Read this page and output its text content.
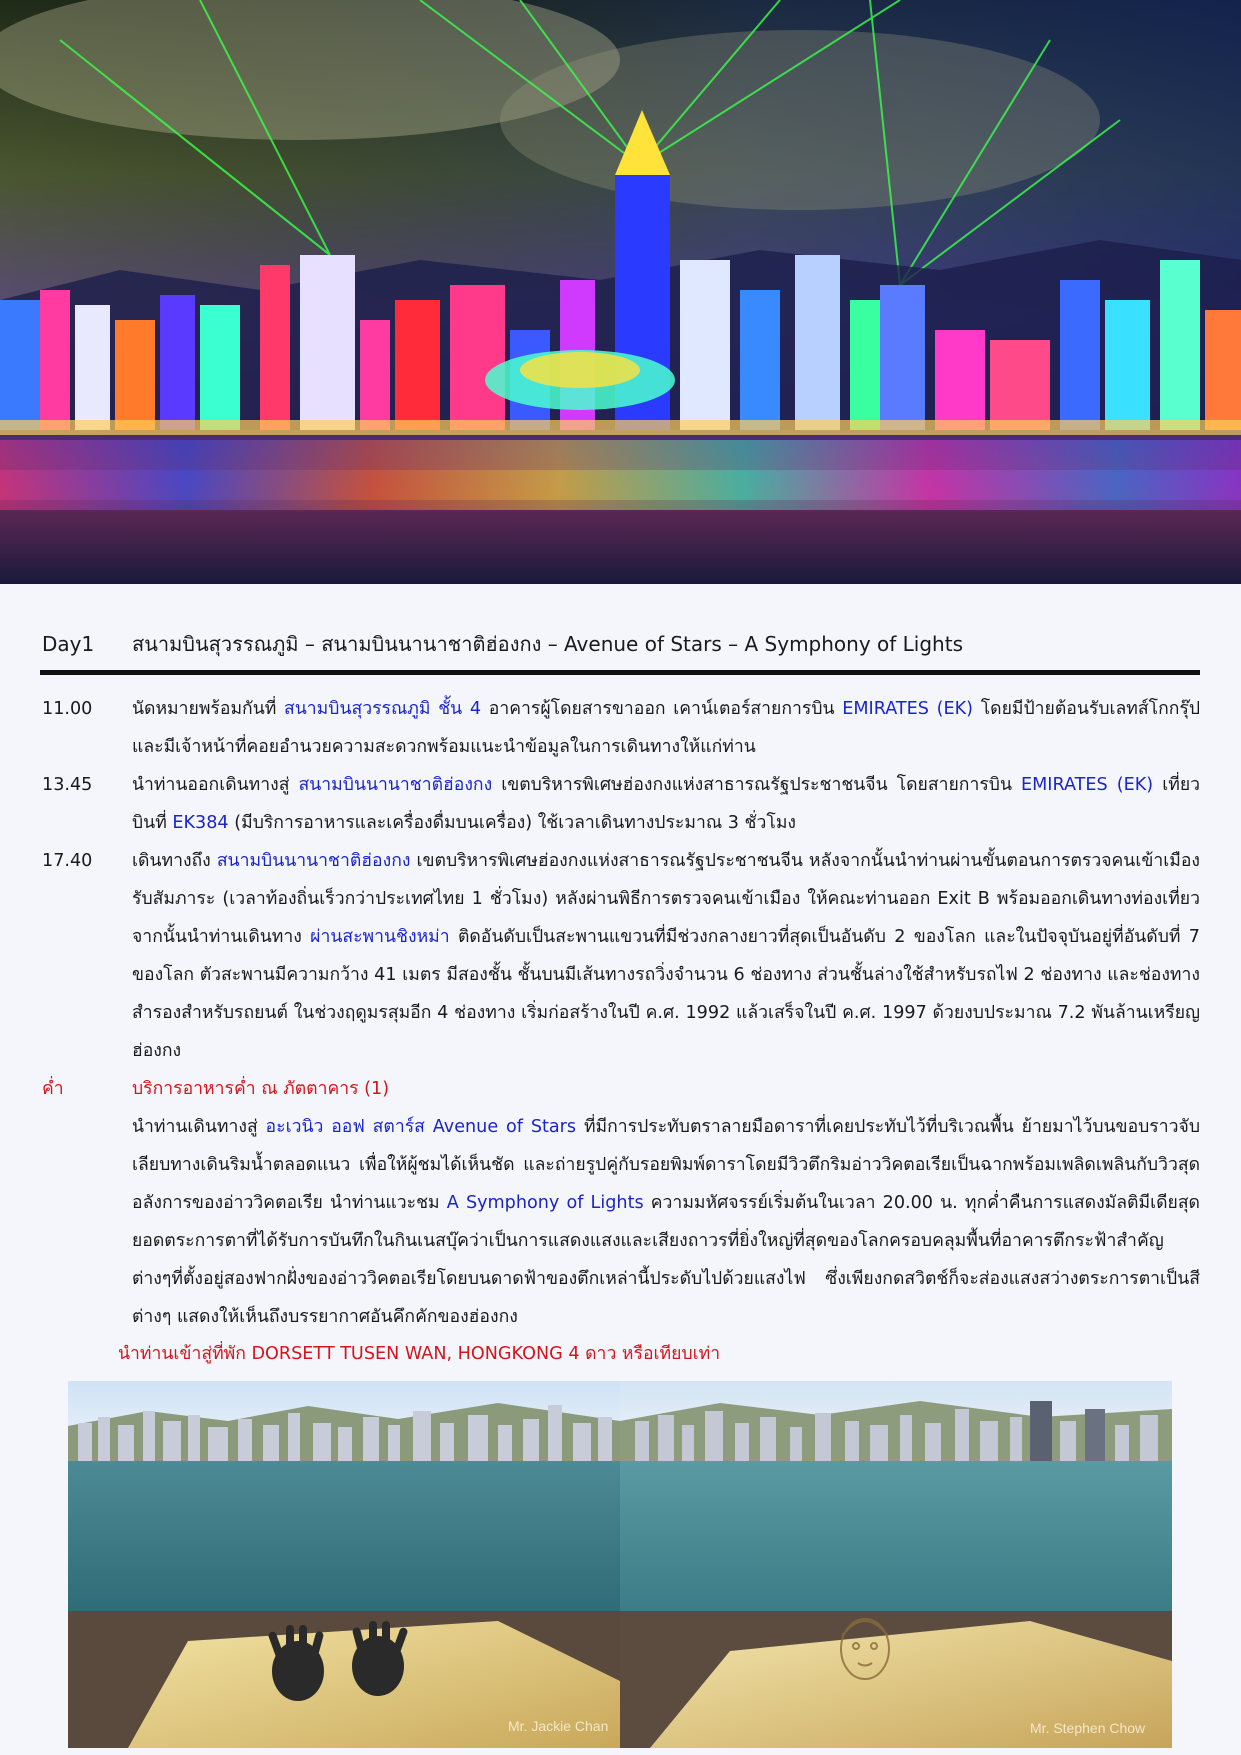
Day1	สนามบินสุวรรณภูมิ – สนามบินนานาชาติฮ่องกง – Avenue of Stars – A Symphony of Lights
11.00	นัดหมายพร้อมกันที่ สนามบินสุวรรณภูมิ ชั้น 4 อาคารผู้โดยสารขาออก เคาน์เตอร์สายการบิน EMIRATES (EK) โดยมีป้ายต้อนรับเลทส์โกกรุ๊ป และมีเจ้าหน้าที่คอยอำนวยความสะดวกพร้อมแนะนำข้อมูลในการเดินทางให้แก่ท่าน
13.45	นำท่านออกเดินทางสู่ สนามบินนานาชาติฮ่องกง เขตบริหารพิเศษฮ่องกงแห่งสาธารณรัฐประชาชนจีน โดยสายการบิน EMIRATES (EK) เที่ยวบินที่ EK384 (มีบริการอาหารและเครื่องดื่มบนเครื่อง) ใช้เวลาเดินทางประมาณ 3 ชั่วโมง
17.40	เดินทางถึง สนามบินนานาชาติฮ่องกง เขตบริหารพิเศษฮ่องกงแห่งสาธารณรัฐประชาชนจีน หลังจากนั้นนำท่านผ่านขั้นตอนการตรวจคนเข้าเมือง รับสัมภาระ (เวลาท้องถิ่นเร็วกว่าประเทศไทย 1 ชั่วโมง) หลังผ่านพิธีการตรวจคนเข้าเมือง ให้คณะท่านออก Exit B พร้อมออกเดินทางท่องเที่ยว จากนั้นนำท่านเดินทาง ผ่านสะพานชิงหม่า ติดอันดับเป็นสะพานแขวนที่มีช่วงกลางยาวที่สุดเป็นอันดับ 2 ของโลก และในปัจจุบันอยู่ที่อันดับที่ 7 ของโลก ตัวสะพานมีความกว้าง 41 เมตร มีสองชั้น ชั้นบนมีเส้นทางรถวิ่งจำนวน 6 ช่องทาง ส่วนชั้นล่างใช้สำหรับรถไฟ 2 ช่องทาง และช่องทางสำรองสำหรับรถยนต์ ในช่วงฤดูมรสุมอีก 4 ช่องทาง เริ่มก่อสร้างในปี ค.ศ. 1992 แล้วเสร็จในปี ค.ศ. 1997 ด้วยงบประมาณ 7.2 พันล้านเหรียญฮ่องกง
ค่ำ	บริการอาหารค่ำ ณ ภัตตาคาร (1)
นำท่านเดินทางสู่ อะเวนิว ออฟ สตาร์ส Avenue of Stars ที่มีการประทับตราลายมือดาราที่เคยประทับไว้ที่บริเวณพื้น ย้ายมาไว้บนขอบราวจับเลียบทางเดินริมน้ำตลอดแนว เพื่อให้ผู้ชมได้เห็นชัด และถ่ายรูปคู่กับรอยพิมพ์ดาราโดยมีวิวตึกริมอ่าววิคตอเรียเป็นฉากพร้อมเพลิดเพลินกับวิวสุดอลังการของอ่าววิคตอเรีย นำท่านแวะชม A Symphony of Lights ความมหัศจรรย์เริ่มต้นในเวลา 20.00 น. ทุกค่ำคืนการแสดงมัลติมีเดียสุดยอดตระการตาที่ได้รับการบันทึกในกินเนสบุ๊คว่าเป็นการแสดงแสงและเสียงถาวรที่ยิ่งใหญ่ที่สุดของโลกครอบคลุมพื้นที่อาคารตึกระฟ้าสำคัญต่างๆที่ตั้งอยู่สองฟากฝั่งของอ่าววิคตอเรียโดยบนดาดฟ้าของตึกเหล่านี้ประดับไปด้วยแสงไฟ ซึ่งเพียงกดสวิตช์ก็จะส่องแสงสว่างตระการตาเป็นสีต่างๆ แสดงให้เห็นถึงบรรยากาศอันคึกคักของฮ่องกง
นำท่านเข้าสู่ที่พัก DORSETT TUSEN WAN, HONGKONG 4 ดาว หรือเทียบเท่า
Mr. Jackie Chan	Mr. Stephen Chow
